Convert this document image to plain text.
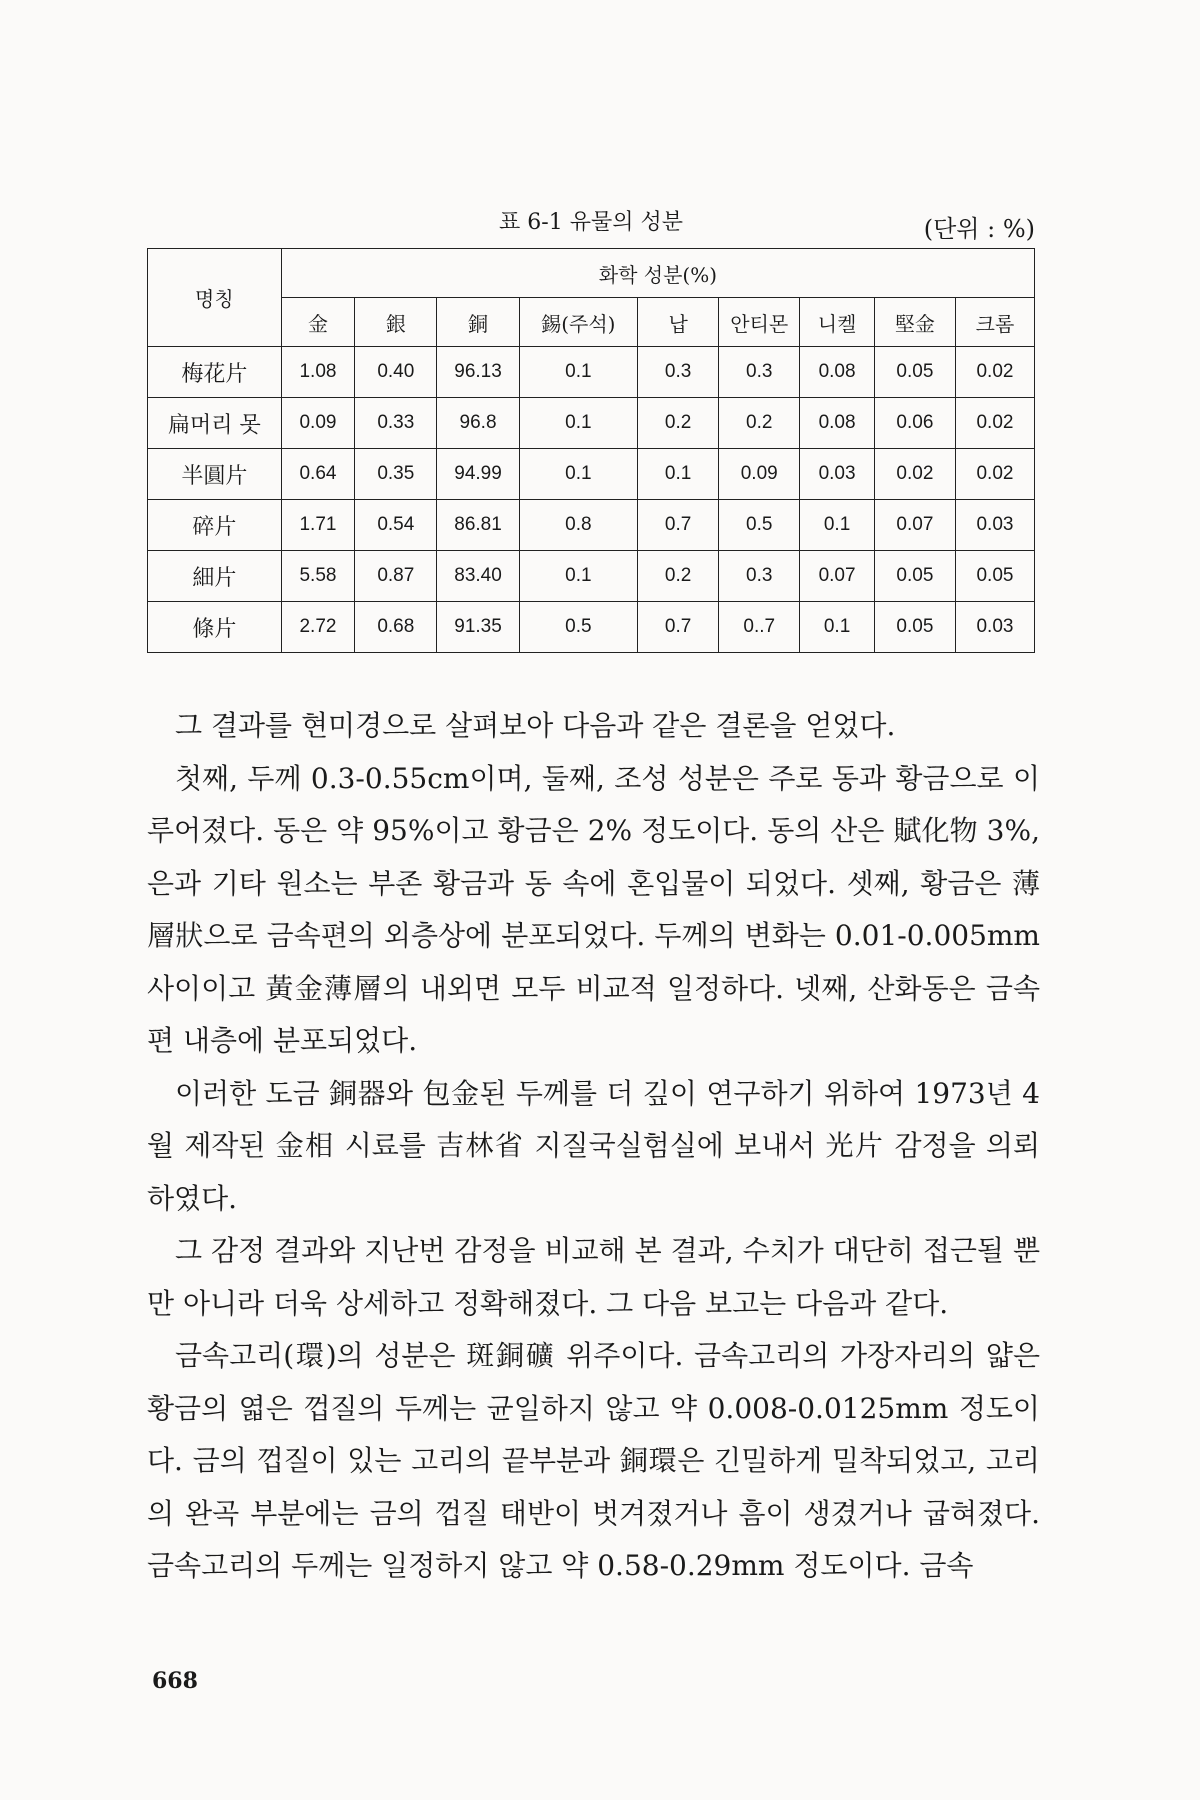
표 6-1 유물의 성분	(단위 : %)
명칭	화학 성분(%)								
	金	銀	銅	錫(주석)	납	안티몬	니켈	堅金	크롬
梅花片	1.08	0.40	96.13	0.1	0.3	0.3	0.08	0.05	0.02
扁머리 못	0.09	0.33	96.8	0.1	0.2	0.2	0.08	0.06	0.02
半圓片	0.64	0.35	94.99	0.1	0.1	0.09	0.03	0.02	0.02
碎片	1.71	0.54	86.81	0.8	0.7	0.5	0.1	0.07	0.03
細片	5.58	0.87	83.40	0.1	0.2	0.3	0.07	0.05	0.05
條片	2.72	0.68	91.35	0.5	0.7	0..7	0.1	0.05	0.03

그 결과를 현미경으로 살펴보아 다음과 같은 결론을 얻었다.

첫째, 두께 0.3-0.55cm이며, 둘째, 조성 성분은 주로 동과 황금으로 이루어졌다. 동은 약 95%이고 황금은 2% 정도이다. 동의 산은 賦化物 3%, 은과 기타 원소는 부존 황금과 동 속에 혼입물이 되었다. 셋째, 황금은 薄層狀으로 금속편의 외층상에 분포되었다. 두께의 변화는 0.01-0.005mm 사이이고 黃金薄層의 내외면 모두 비교적 일정하다. 넷째, 산화동은 금속편 내층에 분포되었다.

이러한 도금 銅器와 包金된 두께를 더 깊이 연구하기 위하여 1973년 4월 제작된 金相 시료를 吉林省 지질국실험실에 보내서 光片 감정을 의뢰하였다.

그 감정 결과와 지난번 감정을 비교해 본 결과, 수치가 대단히 접근될 뿐만 아니라 더욱 상세하고 정확해졌다. 그 다음 보고는 다음과 같다.

금속고리(環)의 성분은 斑銅礦 위주이다. 금속고리의 가장자리의 얇은 황금의 엷은 껍질의 두께는 균일하지 않고 약 0.008-0.0125mm 정도이다. 금의 껍질이 있는 고리의 끝부분과 銅環은 긴밀하게 밀착되었고, 고리의 완곡 부분에는 금의 껍질 태반이 벗겨졌거나 흠이 생겼거나 굽혀졌다. 금속고리의 두께는 일정하지 않고 약 0.58-0.29mm 정도이다. 금속

668
